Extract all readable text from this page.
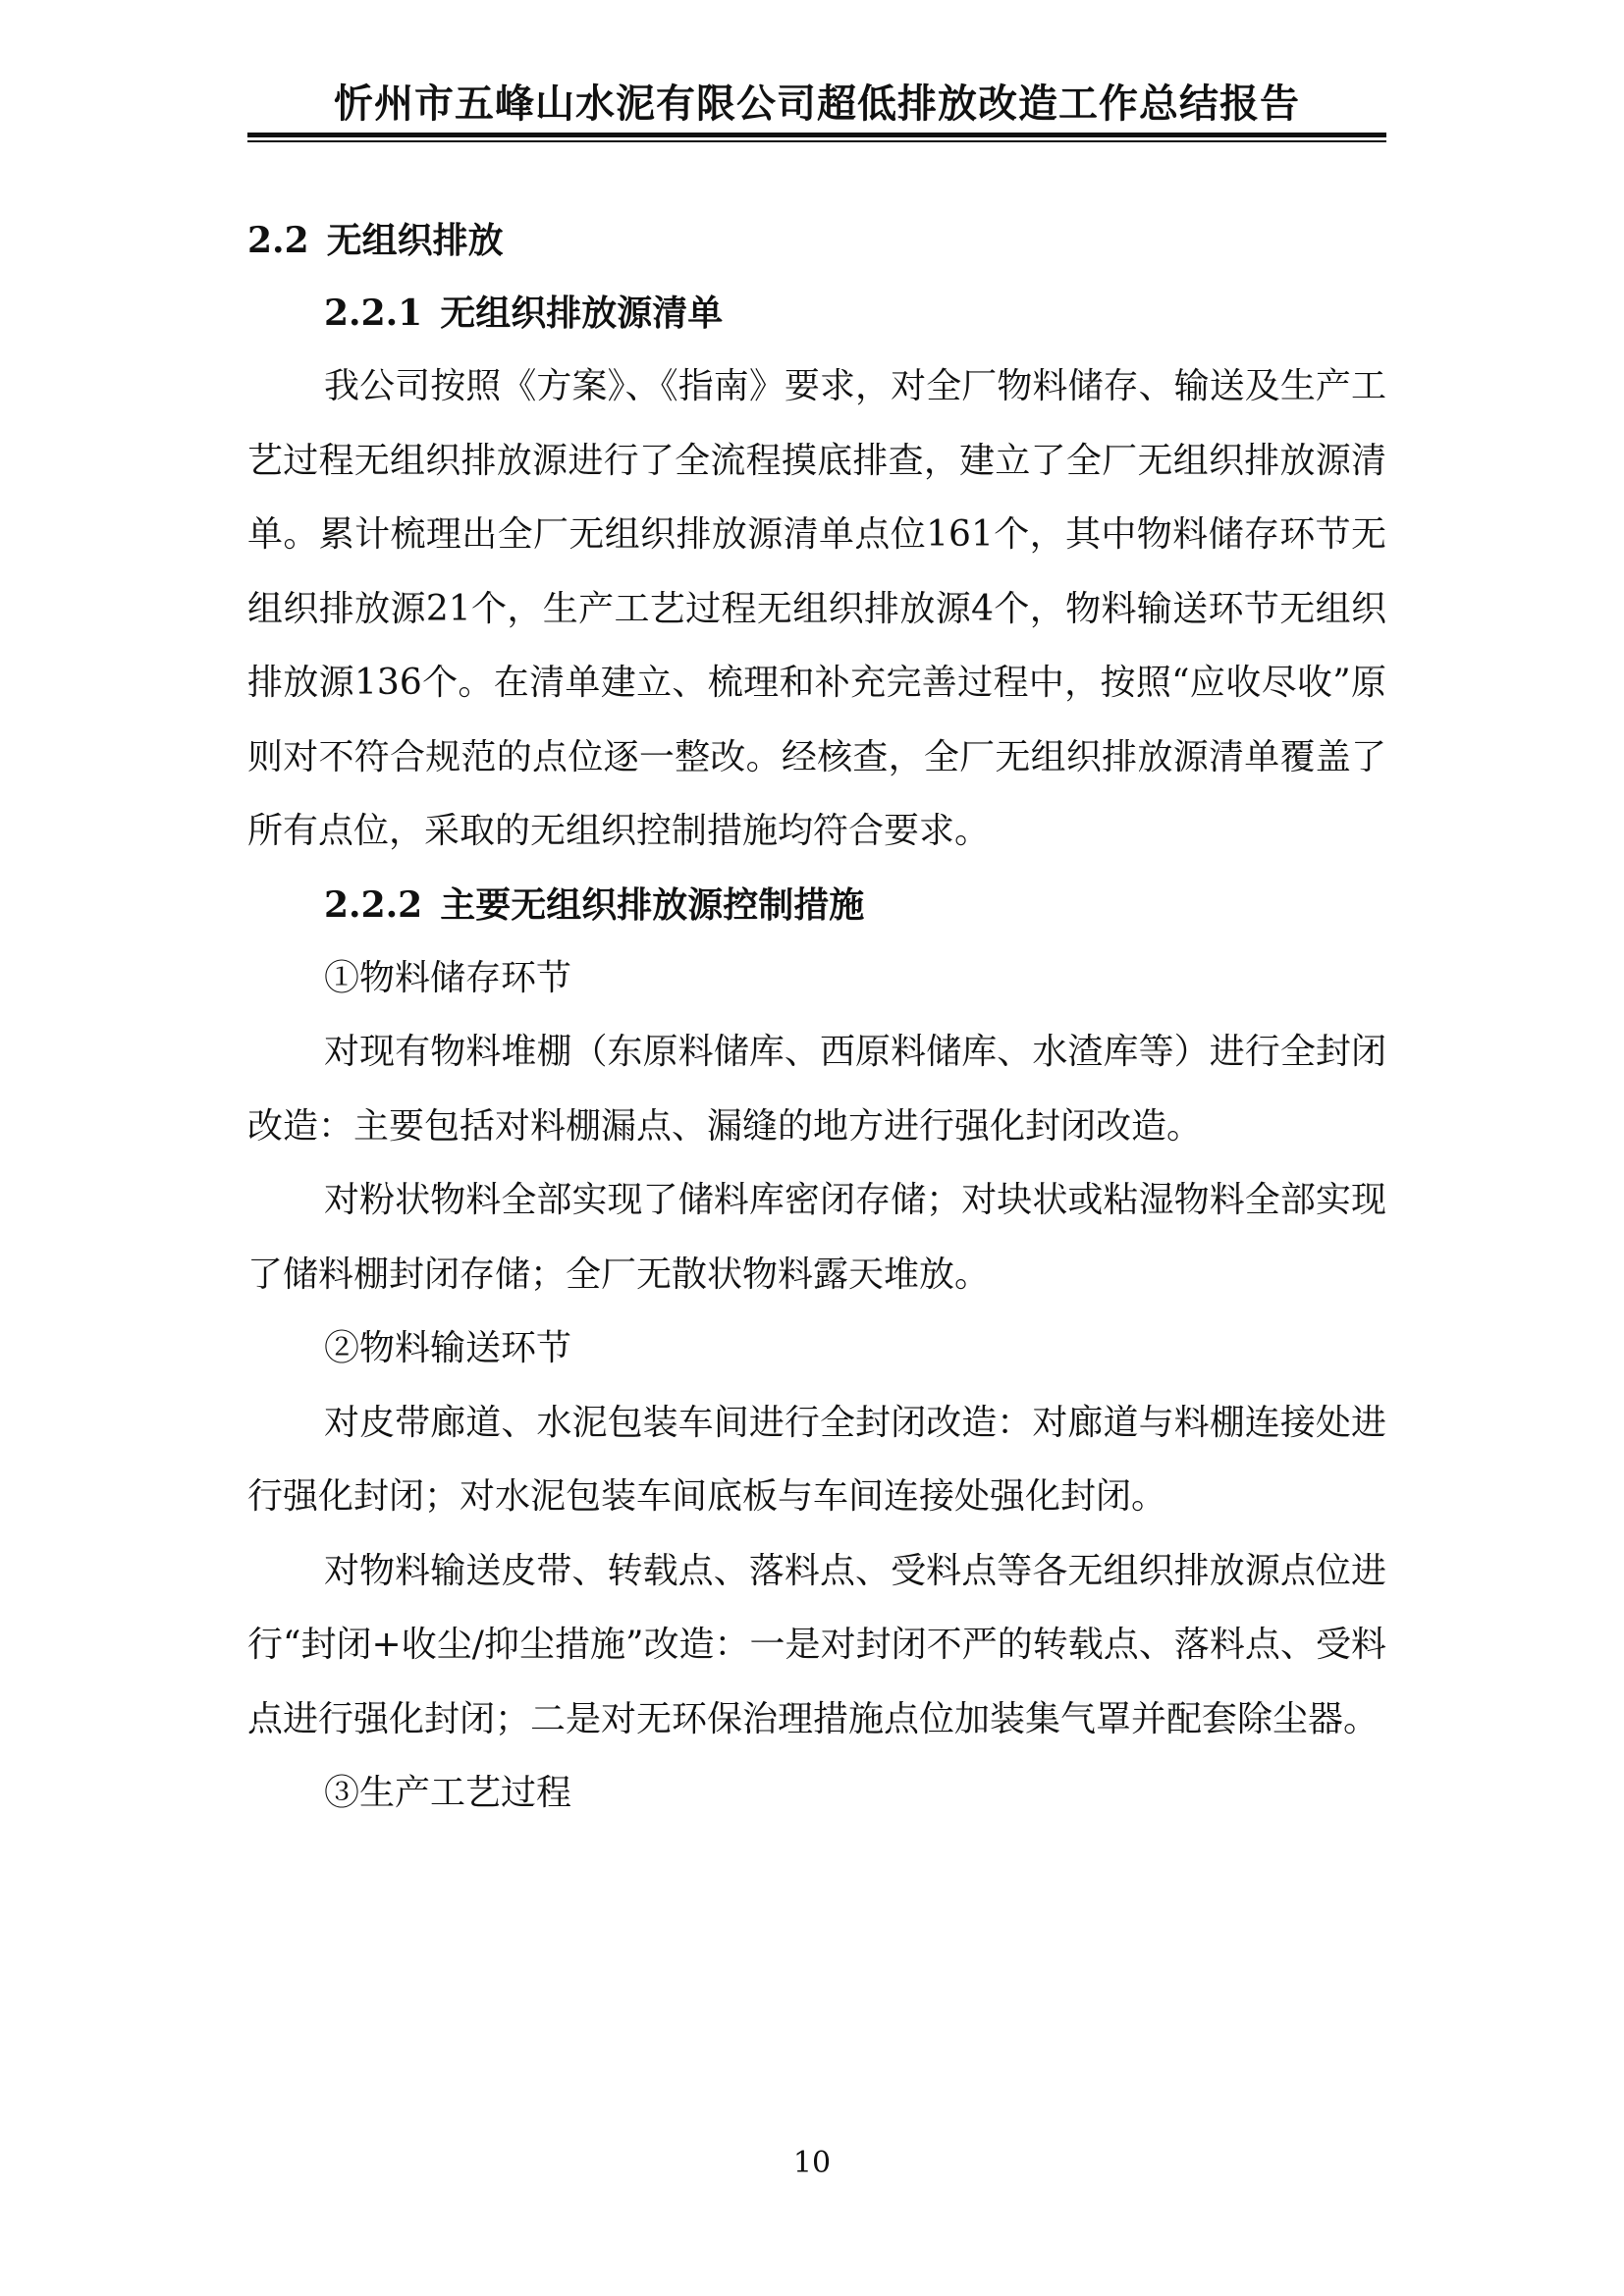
忻州市五峰山水泥有限公司超低排放改造工作总结报告
2.2 无组织排放
2.2.1 无组织排放源清单

我公司按照《方案》、《指南》要求，对全厂物料储存、输送及生产工艺过程无组织排放源进行了全流程摸底排查，建立了全厂无组织排放源清单。累计梳理出全厂无组织排放源清单点位161个，其中物料储存环节无组织排放源21个，生产工艺过程无组织排放源4个，物料输送环节无组织排放源136个。在清单建立、梳理和补充完善过程中，按照“应收尽收”原则对不符合规范的点位逐一整改。经核查，全厂无组织排放源清单覆盖了所有点位，采取的无组织控制措施均符合要求。

2.2.2 主要无组织排放源控制措施
①物料储存环节

对现有物料堆棚（东原料储库、西原料储库、水渣库等）进行全封闭改造：主要包括对料棚漏点、漏缝的地方进行强化封闭改造。

对粉状物料全部实现了储料库密闭存储；对块状或粘湿物料全部实现了储料棚封闭存储；全厂无散状物料露天堆放。

②物料输送环节

对皮带廊道、水泥包装车间进行全封闭改造：对廊道与料棚连接处进行强化封闭；对水泥包装车间底板与车间连接处强化封闭。

对物料输送皮带、转载点、落料点、受料点等各无组织排放源点位进行“封闭+收尘/抑尘措施”改造：一是对封闭不严的转载点、落料点、受料点进行强化封闭；二是对无环保治理措施点位加装集气罩并配套除尘器。

③生产工艺过程
10
